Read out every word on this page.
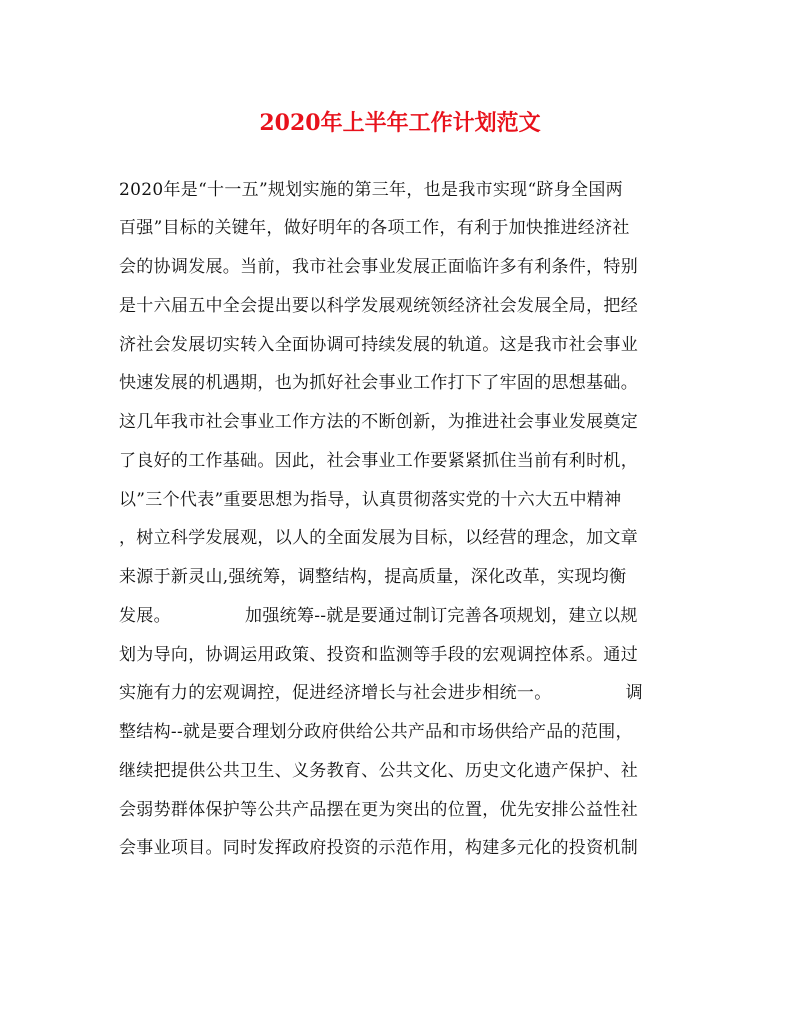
2020年上半年工作计划范文

2020年是“十一五”规划实施的第三年，也是我市实现“跻身全国两

百强”目标的关键年，做好明年的各项工作，有利于加快推进经济社

会的协调发展。当前，我市社会事业发展正面临许多有利条件，特别

是十六届五中全会提出要以科学发展观统领经济社会发展全局，把经

济社会发展切实转入全面协调可持续发展的轨道。这是我市社会事业

快速发展的机遇期，也为抓好社会事业工作打下了牢固的思想基础。

这几年我市社会事业工作方法的不断创新，为推进社会事业发展奠定

了良好的工作基础。因此，社会事业工作要紧紧抓住当前有利时机，

以”三个代表”重要思想为指导，认真贯彻落实党的十六大五中精神

，树立科学发展观，以人的全面发展为目标，以经营的理念，加文章

来源于新灵山,强统筹，调整结构，提高质量，深化改革，实现均衡

发展。             加强统筹--就是要通过制订完善各项规划，建立以规

划为导向，协调运用政策、投资和监测等手段的宏观调控体系。通过

实施有力的宏观调控，促进经济增长与社会进步相统一。             调

整结构--就是要合理划分政府供给公共产品和市场供给产品的范围，

继续把提供公共卫生、义务教育、公共文化、历史文化遗产保护、社

会弱势群体保护等公共产品摆在更为突出的位置，优先安排公益性社

会事业项目。同时发挥政府投资的示范作用，构建多元化的投资机制
